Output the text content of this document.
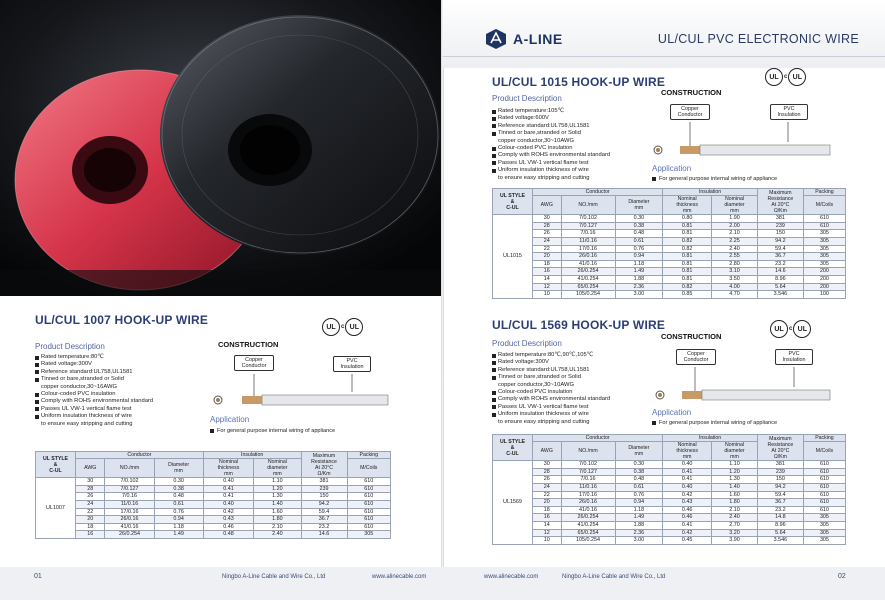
A-LINE	UL/CUL PVC ELECTRONIC WIRE
UL/CUL 1015 HOOK-UP WIRE	UL c UL
Product Description
Rated temperature:105℃
Rated voltage:600V
Reference standard:UL758,UL1581
Tinned or bare,stranded or Solid
copper conductor,30~10AWG
Colour-coded PVC insulation
Comply with ROHS environmental standard
Passes UL VW-1 vertical flame test
Uniform insulation thickness of wire
to ensure easy stripping and cutting
CONSTRUCTION
Copper
Conductor
PVC
Insulation
Application
For general purpose internal wiring of appliance
UL STYLE
&
C-UL	Conductor			Insulation		Maximum
Resistance
At 20°C
Ω/Km	Packing
	AWG	NO./mm	Diameter
mm	Nominal
thickness
mm	Nominal
diameter
mm		M/Coils
UL1015	30	7/0.102	0.30	0.80	1.90	381	610
	28	7/0.127	0.38	0.81	2.00	239	610
	26	7/0.16	0.48	0.81	2.10	150	305
	24	11/0.16	0.61	0.82	2.25	94.2	305
	22	17/0.16	0.76	0.82	2.40	59.4	305
	20	26/0.16	0.94	0.81	2.55	36.7	305
	18	41/0.16	1.18	0.81	2.80	23.2	305
	16	26/0.254	1.49	0.81	3.10	14.6	200
	14	41/0.254	1.88	0.81	3.50	8.96	200
	12	65/0.254	2.36	0.82	4.00	5.64	200
	10	105/0.254	3.00	0.85	4.70	3.546	100
UL/CUL 1569 HOOK-UP WIRE	UL c UL
Product Description
Rated temperature:80℃,90℃,105℃
Rated voltage:300V
Reference standard:UL758,UL1581
Tinned or bare,stranded or Solid
copper conductor,30~10AWG
Colour-coded PVC insulation
Comply with ROHS environmental standard
Passes UL VW-1 vertical flame test
Uniform insulation thickness of wire
to ensure easy stripping and cutting
CONSTRUCTION
Copper
Conductor
PVC
Insulation
Application
For general purpose internal wiring of appliance
UL STYLE
&
C-UL	Conductor			Insulation		Maximum
Resistance
At 20°C
Ω/Km	Packing
	AWG	NO./mm	Diameter
mm	Nominal
thickness
mm	Nominal
diameter
mm		M/Coils
UL1569	30	7/0.102	0.30	0.40	1.10	381	610
	28	7/0.127	0.38	0.41	1.20	239	610
	26	7/0.16	0.48	0.41	1.30	150	610
	24	11/0.16	0.61	0.40	1.40	94.2	610
	22	17/0.16	0.76	0.42	1.60	59.4	610
	20	26/0.16	0.94	0.43	1.80	36.7	610
	18	41/0.16	1.18	0.46	2.10	23.2	610
	16	26/0.254	1.49	0.46	2.40	14.8	305
	14	41/0.254	1.88	0.41	2.70	8.96	305
	12	65/0.254	2.36	0.42	3.20	5.64	305
	10	105/0.254	3.00	0.45	3.90	3.546	305
UL/CUL 1007 HOOK-UP WIRE	UL c UL
Product Description
Rated temperature:80℃
Rated voltage:300V
Reference standard:UL758,UL1581
Tinned or bare,stranded or Solid
copper conductor,30~16AWG
Colour-coded PVC insulation
Comply with ROHS environmental standard
Passes UL VW-1 vertical flame test
Uniform insulation thickness of wire
to ensure easy stripping and cutting
CONSTRUCTION
Copper
Conductor
PVC
Insulation
Application
For general purpose internal wiring of appliance
UL STYLE
&
C-UL	Conductor			Insulation		Maximum
Resistance
At 20°C
Ω/Km	Packing
	AWG	NO./mm	Diameter
mm	Nominal
thickness
mm	Nominal
diameter
mm		M/Coils
UL1007	30	7/0.102	0.30	0.40	1.10	381	610
	28	7/0.127	0.38	0.41	1.20	239	610
	26	7/0.16	0.48	0.41	1.30	150	610
	24	11/0.16	0.61	0.40	1.40	94.2	610
	22	17/0.16	0.76	0.42	1.60	59.4	610
	20	26/0.16	0.94	0.43	1.80	36.7	610
	18	41/0.16	1.18	0.46	2.10	23.2	610
	16	26/0.254	1.49	0.48	2.40	14.6	305
01	Ningbo A-Line Cable and Wire Co., Ltd	www.alinecable.com	www.alinecable.com	Ningbo A-Line Cable and Wire Co., Ltd	02
